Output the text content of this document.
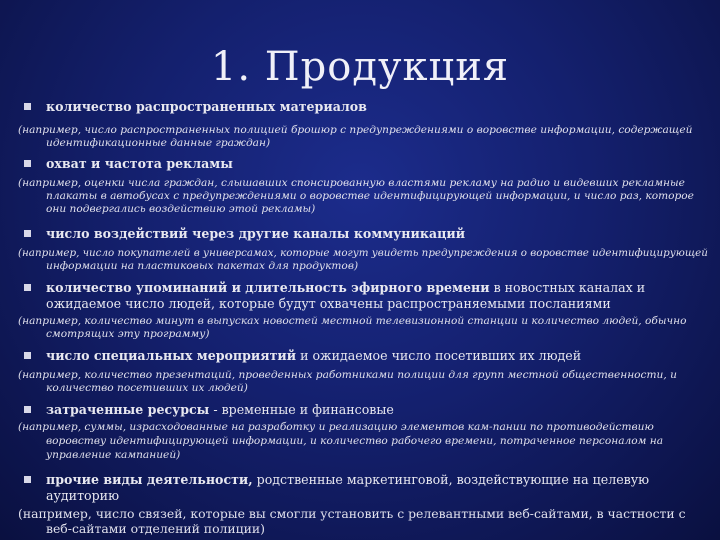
1. Продукция
количество распространенных материалов
(например, число распространенных полицией брошюр с предупреждениями о воровстве информации, содержащей
идентификационные данные граждан)
охват и частота рекламы
(например, оценки числа граждан, слышавших спонсированную властями рекламу на радио и видевших рекламные
плакаты в автобусах с предупреждениями о воровстве идентифицирующей информации, и число раз, которое
они подвергались воздействию этой рекламы)
число воздействий через другие каналы коммуникаций
(например, число покупателей в универсамах, которые могут увидеть предупреждения о воровстве идентифицирующей
информации на пластиковых пакетах для продуктов)
количество упоминаний и длительность эфирного времени в новостных каналах и
ожидаемое число людей, которые будут охвачены распространяемыми посланиями
(например, количество минут в выпусках новостей местной телевизионной станции и количество людей, обычно
смотрящих эту программу)
число специальных мероприятий и ожидаемое число посетивших их людей
(например, количество презентаций, проведенных работниками полиции для групп местной общественности, и
количество посетивших их людей)
затраченные ресурсы - временные и финансовые
(например, суммы, израсходованные на разработку и реализацию элементов кам-пании по противодействию
воровству идентифицирующей информации, и количество рабочего времени, потраченное персоналом на
управление кампанией)
прочие виды деятельности, родственные маркетинговой, воздействующие на целевую
аудиторию
(например, число связей, которые вы смогли установить с релевантными веб-сайтами, в частности с
веб-сайтами отделений полиции)
